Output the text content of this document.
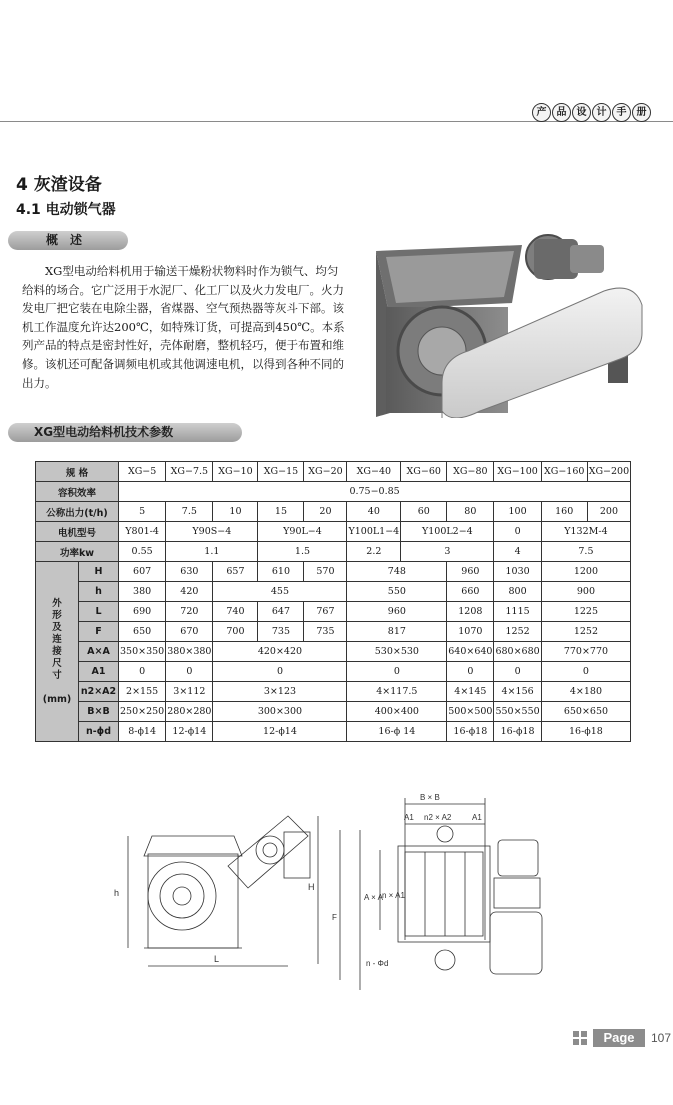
产	品	设	计	手	册
4 灰渣设备
4.1 电动锁气器
概述

XG型电动给料机用于输送干燥粉状物料时作为锁气、均匀给料的场合。它广泛用于水泥厂、化工厂以及火力发电厂。火力发电厂把它装在电除尘器，省煤器、空气预热器等灰斗下部。该机工作温度允许达200℃，如特殊订货，可提高到450℃。本系列产品的特点是密封性好，壳体耐磨，整机轻巧，便于布置和维修。该机还可配备调频电机或其他调速电机，以得到各种不同的出力。

XG型电动给料机技术参数
规 格		XG−5	XG−7.5	XG−10	XG−15	XG−20	XG−40	XG−60	XG−80	XG−100	XG−160	XG−200
容积效率		0.75−0.85										
公称出力(t/h)		5	7.5	10	15	20	40	60	80	100	160	200
电机型号		Y801-4	Y90S−4		Y90L−4		Y100L1−4	Y100L2−4		0	Y132M-4	
功率kw		0.55	1.1		1.5		2.2	3		4	7.5	
外形及连接尺寸

(mm)	H	607	630	657	610	570	748		960	1030	1200	
	h	380	420	455			550		660	800	900	
	L	690	720	740	647	767	960		1208	1115	1225	
	F	650	670	700	735	735	817		1070	1252	1252	
	A×A	350×350	380×380	420×420			530×530		640×640	680×680	770×770	
	A1	0	0	0			0		0	0	0	
	n2×A2	2×155	3×112	3×123			4×117.5		4×145	4×156	4×180	
	B×B	250×250	280×280	300×300			400×400		500×500	550×550	650×650	
	n-ϕd	8-ϕ14	12-ϕ14	12-ϕ14			16-ϕ 14		16-ϕ18	16-ϕ18	16-ϕ18	
h
H
L
B × B
A1 n2 × A2	A1
A × A n × A1
F
n - Φd
Page	107
